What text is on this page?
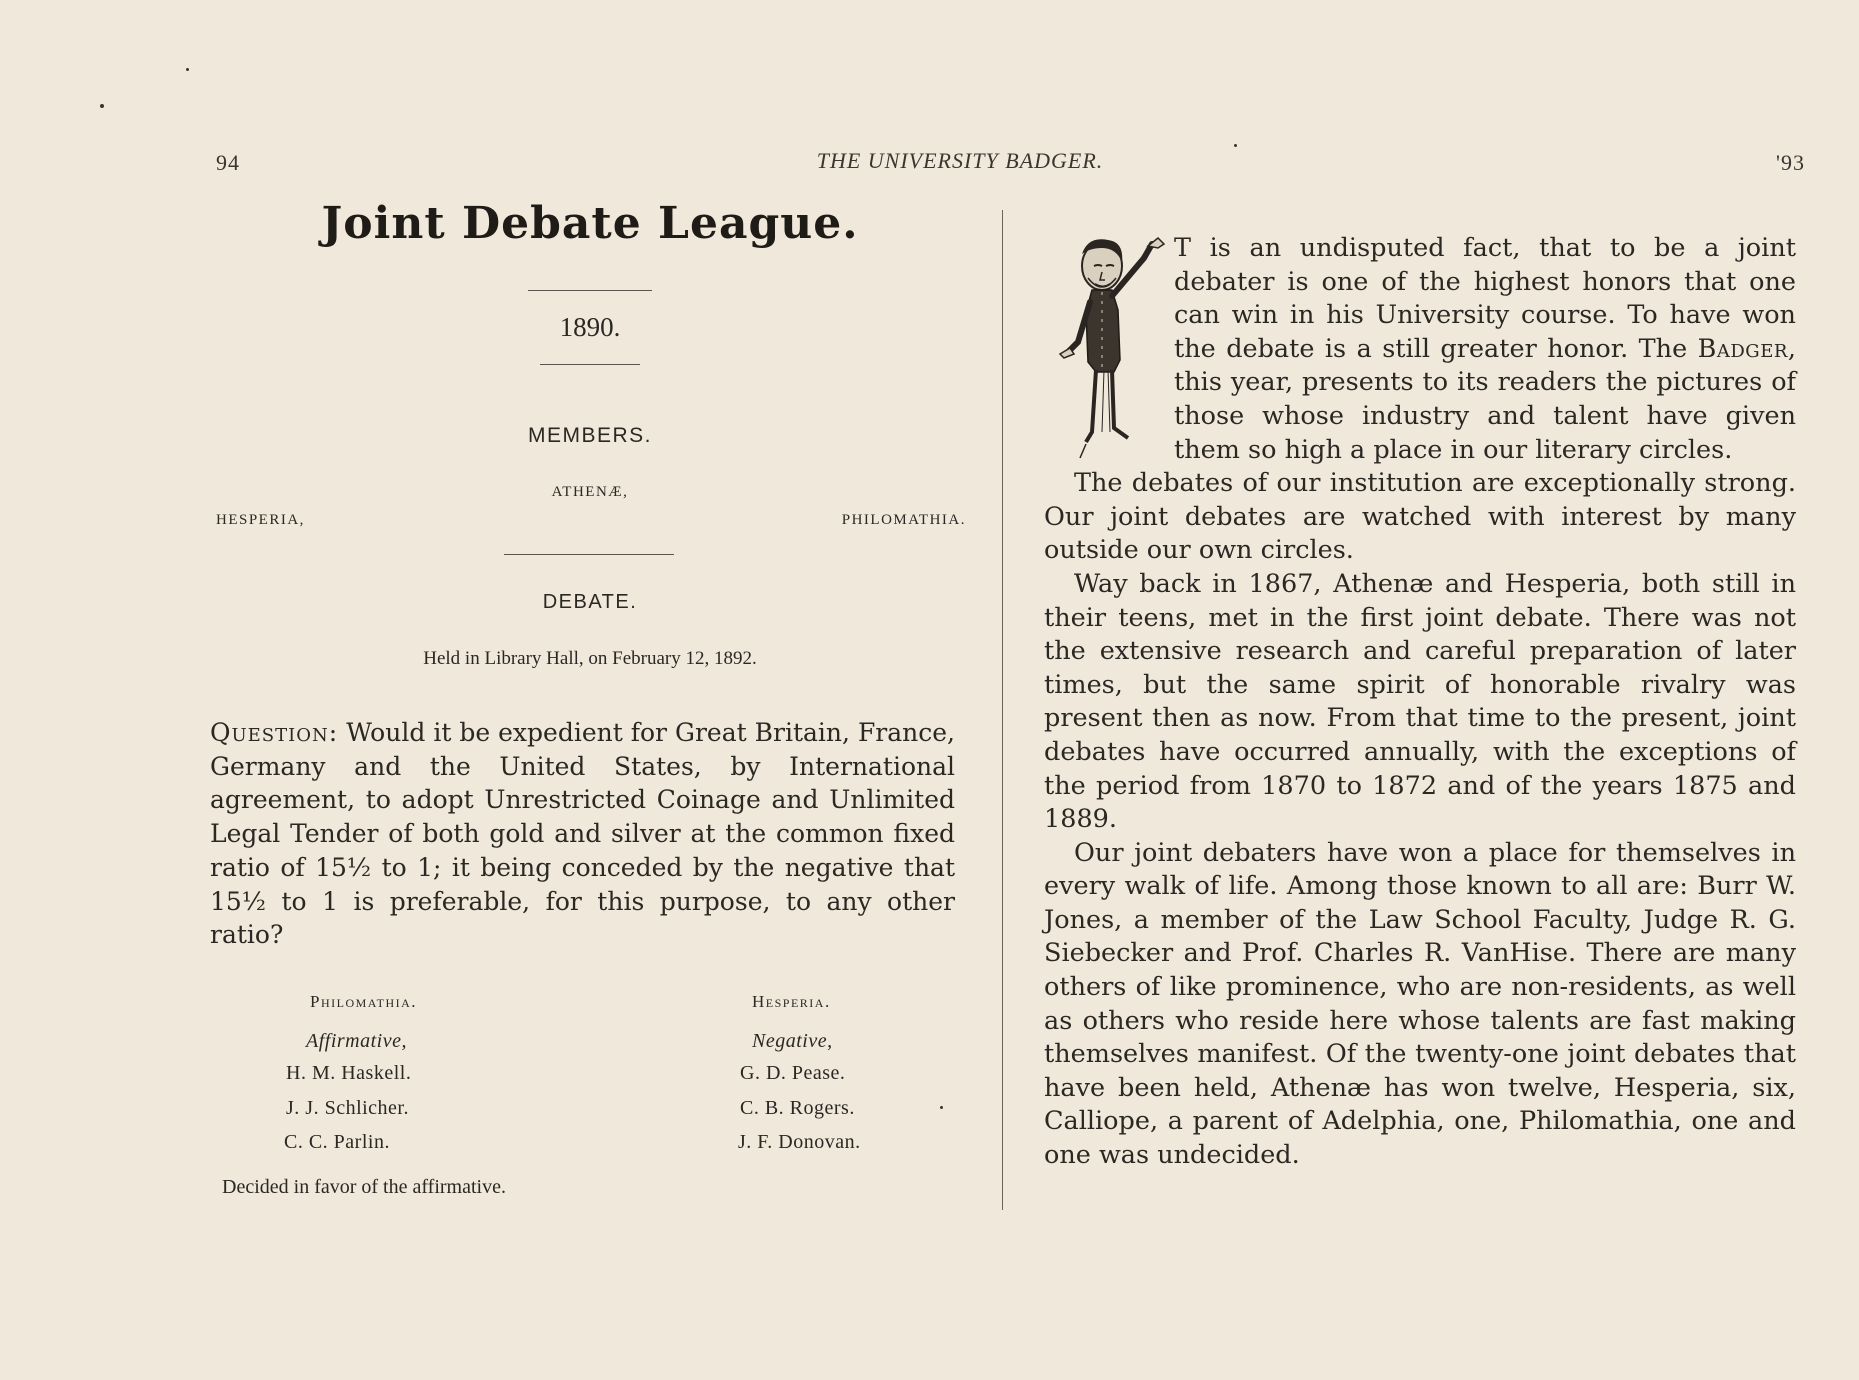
94	THE UNIVERSITY BADGER.	'93
Joint Debate League.
1890.
MEMBERS.
ATHENÆ,
HESPERIA,	PHILOMATHIA.
DEBATE.
Held in Library Hall, on February 12, 1892.
Question: Would it be expedient for Great Britain, France, Germany and the United States, by International agreement, to adopt Unrestricted Coinage and Unlimited Legal Tender of both gold and silver at the common fixed ratio of 15½ to 1; it being conceded by the negative that 15½ to 1 is preferable, for this purpose, to any other ratio?
Philomathia.
Affirmative,
H. M. Haskell.
J. J. Schlicher.
C. C. Parlin.
Hesperia.
Negative,
G. D. Pease.
C. B. Rogers.
J. F. Donovan.
Decided in favor of the affirmative.

T is an undisputed fact, that to be a joint debater is one of the highest honors that one can win in his University course. To have won the debate is a still greater honor. The Badger, this year, presents to its readers the pictures of those whose industry and talent have given them so high a place in our literary circles.

The debates of our institution are exceptionally strong. Our joint debates are watched with interest by many outside our own circles.

Way back in 1867, Athenæ and Hesperia, both still in their teens, met in the first joint debate. There was not the extensive research and careful preparation of later times, but the same spirit of honorable rivalry was present then as now. From that time to the present, joint debates have occurred annually, with the exceptions of the period from 1870 to 1872 and of the years 1875 and 1889.

Our joint debaters have won a place for themselves in every walk of life. Among those known to all are: Burr W. Jones, a member of the Law School Faculty, Judge R. G. Siebecker and Prof. Charles R. VanHise. There are many others of like prominence, who are non-residents, as well as others who reside here whose talents are fast making themselves manifest. Of the twenty-one joint debates that have been held, Athenæ has won twelve, Hesperia, six, Calliope, a parent of Adelphia, one, Philomathia, one and one was undecided.
